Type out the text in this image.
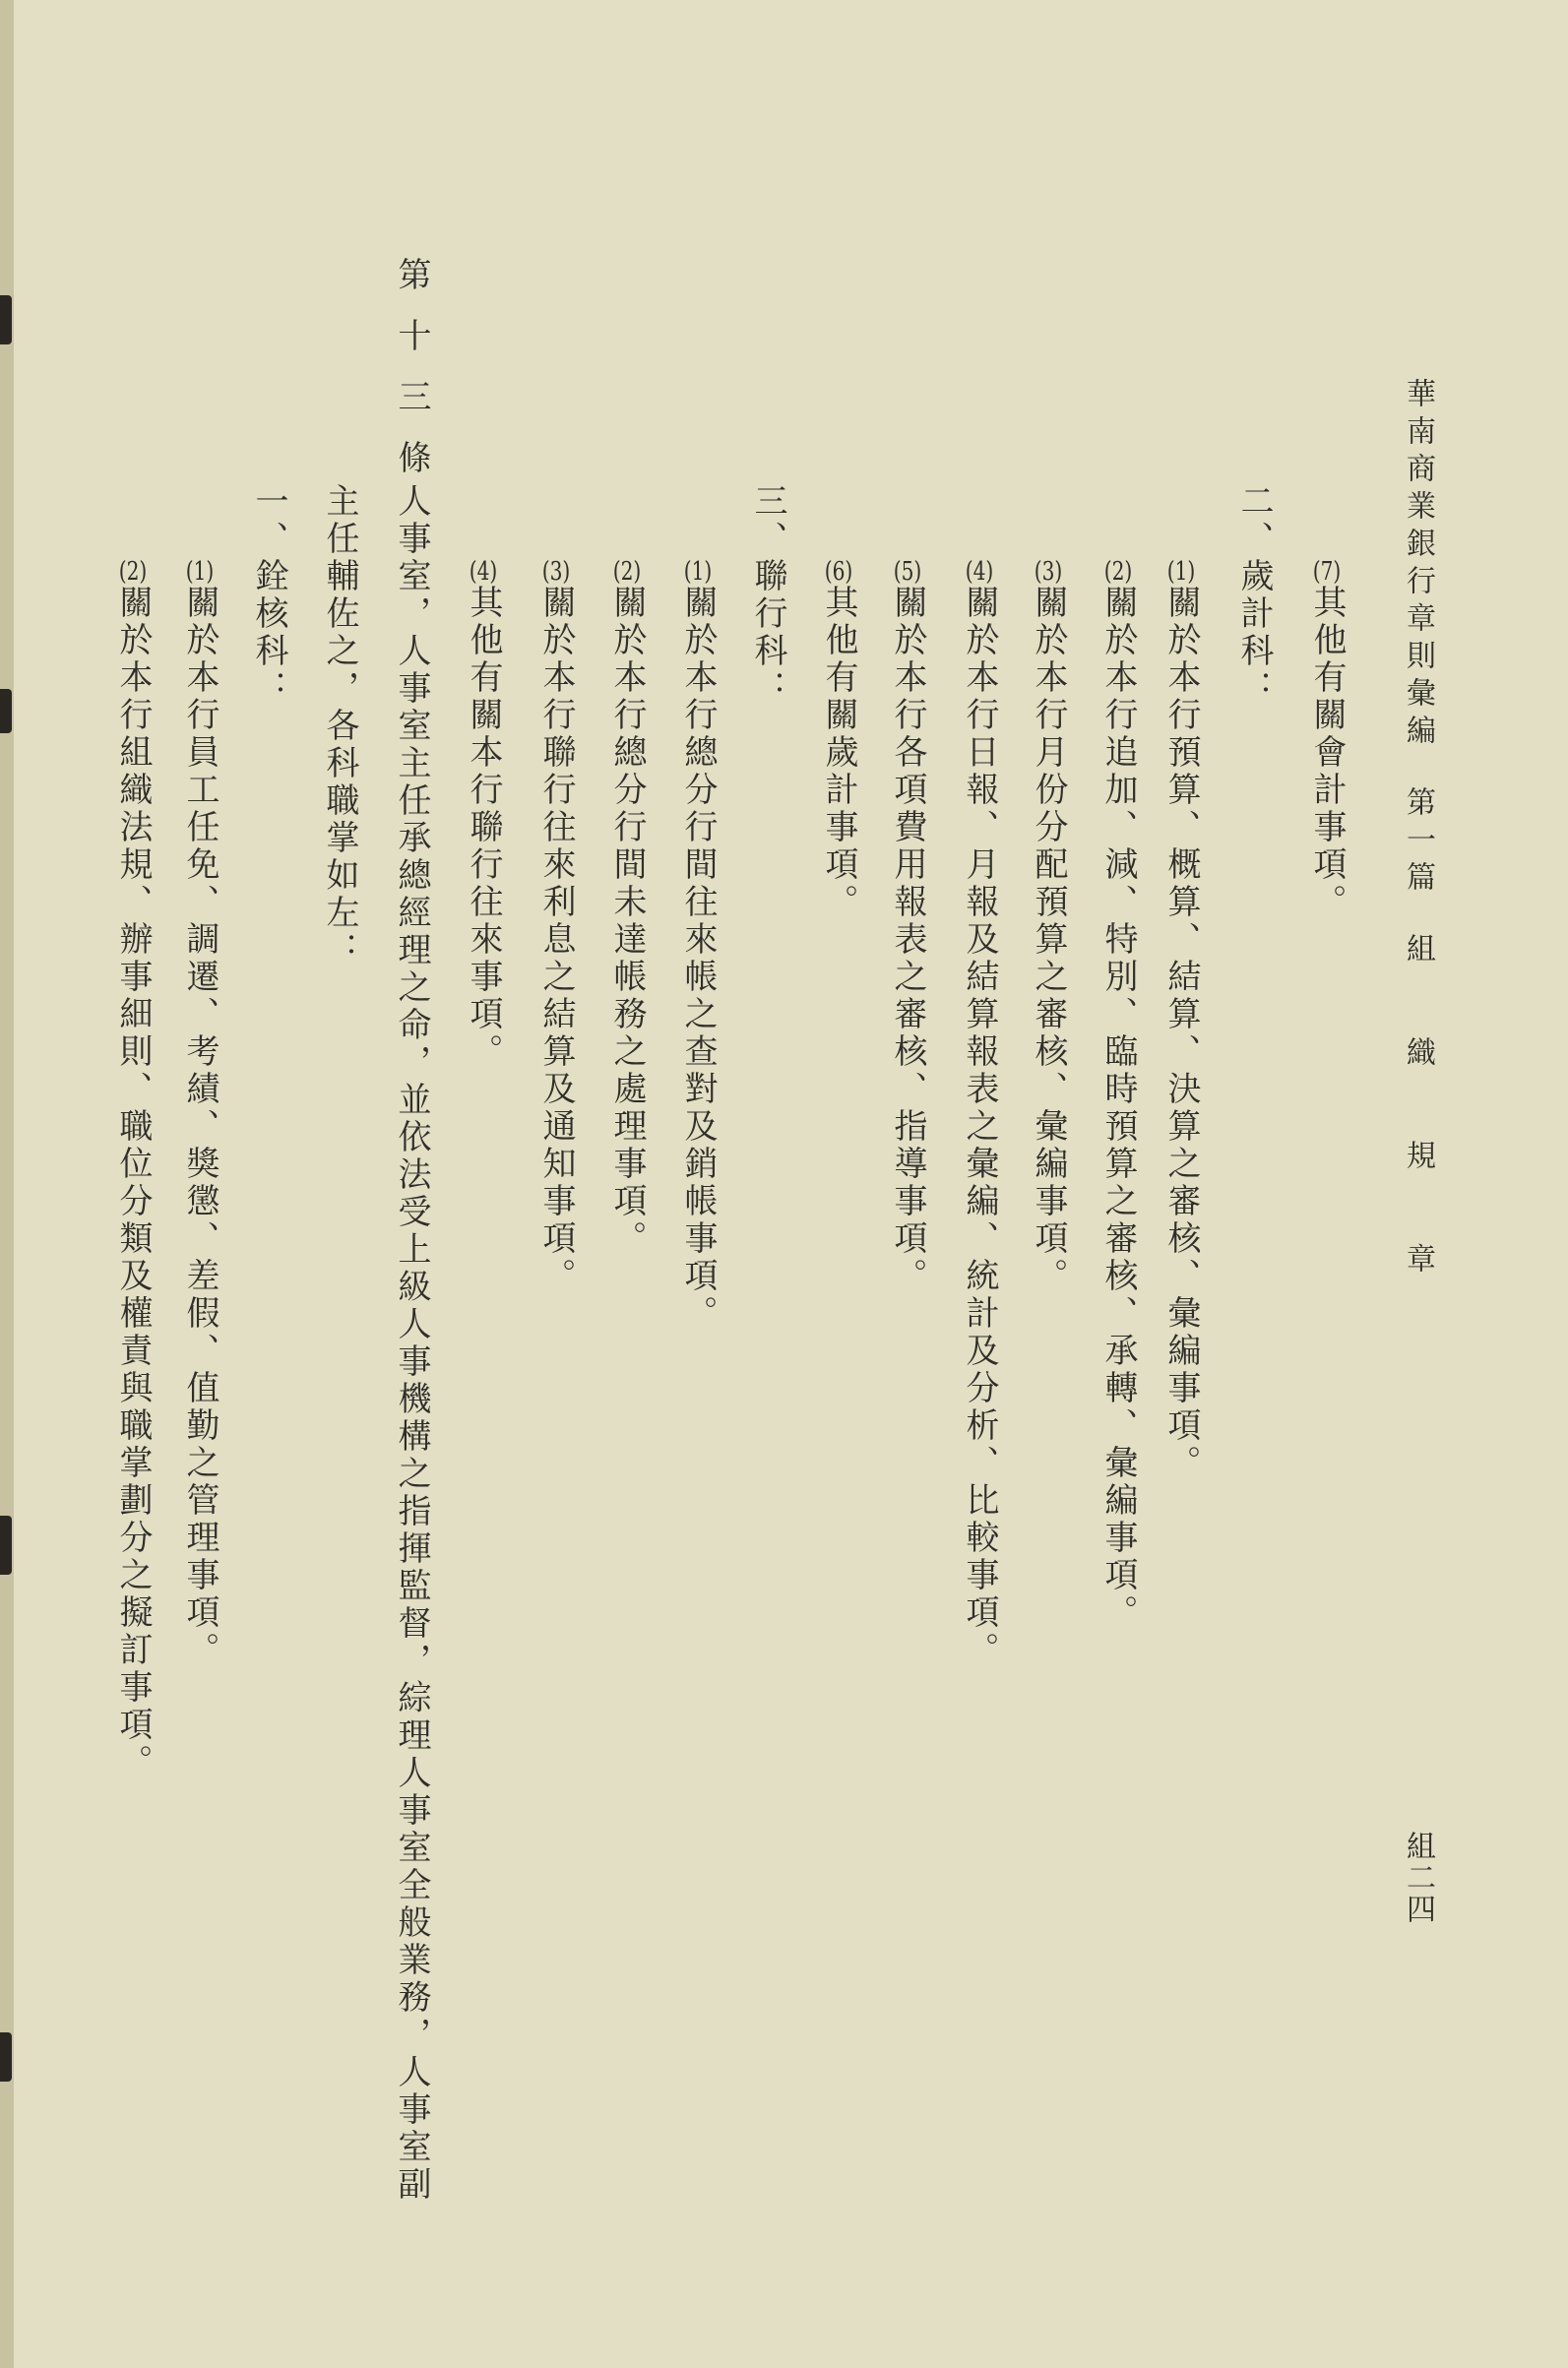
華南商業銀行章則彙編 第一篇 組 織 規 章
組二四
(7)其他有關會計事項。
二、歲計科：
(1)關於本行預算、概算、結算、決算之審核、彙編事項。
(2)關於本行追加、減、特別、臨時預算之審核、承轉、彙編事項。
(3)關於本行月份分配預算之審核、彙編事項。
(4)關於本行日報、月報及結算報表之彙編、統計及分析、比較事項。
(5)關於本行各項費用報表之審核、指導事項。
(6)其他有關歲計事項。
三、聯行科：
(1)關於本行總分行間往來帳之查對及銷帳事項。
(2)關於本行總分行間未達帳務之處理事項。
(3)關於本行聯行往來利息之結算及通知事項。
(4)其他有關本行聯行往來事項。
第十三條
人事室，人事室主任承總經理之命，並依法受上級人事機構之指揮監督，綜理人事室全般業務，人事室副
主任輔佐之，各科職掌如左：
一、銓核科：
(1)關於本行員工任免、調遷、考績、獎懲、差假、值勤之管理事項。
(2)關於本行組織法規、辦事細則、職位分類及權責與職掌劃分之擬訂事項。
